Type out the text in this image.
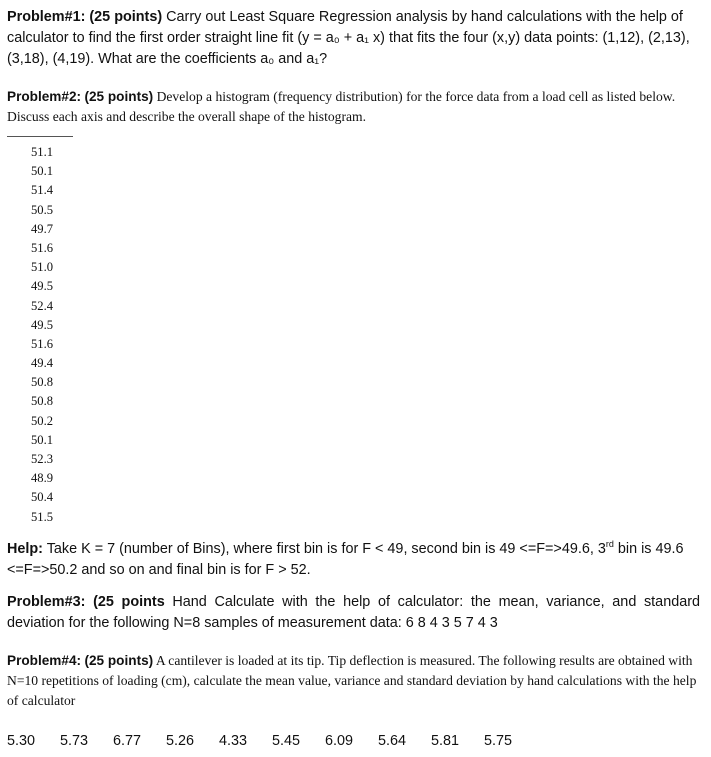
Problem#1: (25 points) Carry out Least Square Regression analysis by hand calculations with the help of calculator to find the first order straight line fit (y = a₀ + a₁ x) that fits the four (x,y) data points: (1,12), (2,13), (3,18), (4,19). What are the coefficients a₀ and a₁?
Problem#2: (25 points) Develop a histogram (frequency distribution) for the force data from a load cell as listed below. Discuss each axis and describe the overall shape of the histogram.
51.1
50.1
51.4
50.5
49.7
51.6
51.0
49.5
52.4
49.5
51.6
49.4
50.8
50.8
50.2
50.1
52.3
48.9
50.4
51.5
Help: Take K = 7 (number of Bins), where first bin is for F < 49, second bin is 49 <=F=>49.6, 3rd bin is 49.6 <=F=>50.2 and so on and final bin is for F > 52.
Problem#3: (25 points Hand Calculate with the help of calculator: the mean, variance, and standard deviation for the following N=8 samples of measurement data: 6 8 4 3 5 7 4 3
Problem#4: (25 points) A cantilever is loaded at its tip. Tip deflection is measured. The following results are obtained with N=10 repetitions of loading (cm), calculate the mean value, variance and standard deviation by hand calculations with the help of calculator
5.30 5.73 6.77 5.26 4.33 5.45 6.09 5.64 5.81 5.75
